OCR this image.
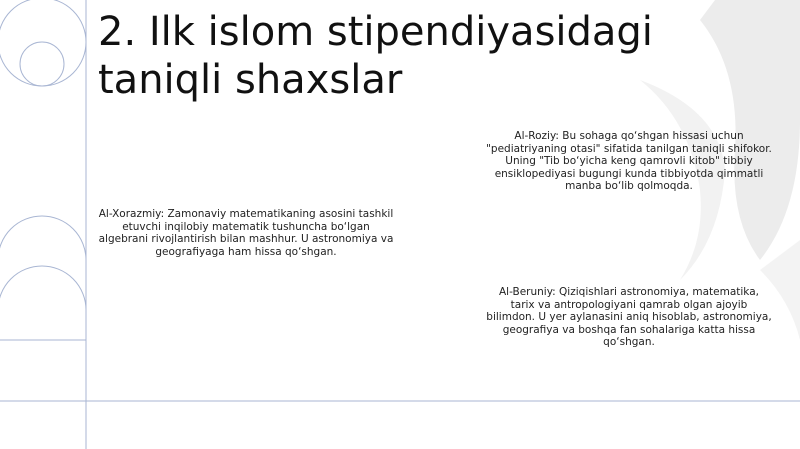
2. Ilk islom stipendiyasidagi taniqli shaxslar

Al-Roziy: Bu sohaga qo‘shgan hissasi uchun "pediatriyaning otasi" sifatida tanilgan taniqli shifokor. Uning "Tib bo‘yicha keng qamrovli kitob" tibbiy ensiklopediyasi bugungi kunda tibbiyotda qimmatli manba bo‘lib qolmoqda.

Al-Xorazmiy: Zamonaviy matematikaning asosini tashkil etuvchi inqilobiy matematik tushuncha bo‘lgan algebrani rivojlantirish bilan mashhur. U astronomiya va geografiyaga ham hissa qo‘shgan.

Al-Beruniy: Qiziqishlari astronomiya, matematika, tarix va antropologiyani qamrab olgan ajoyib bilimdon. U yer aylanasini aniq hisoblab, astronomiya, geografiya va boshqa fan sohalariga katta hissa qo‘shgan.
